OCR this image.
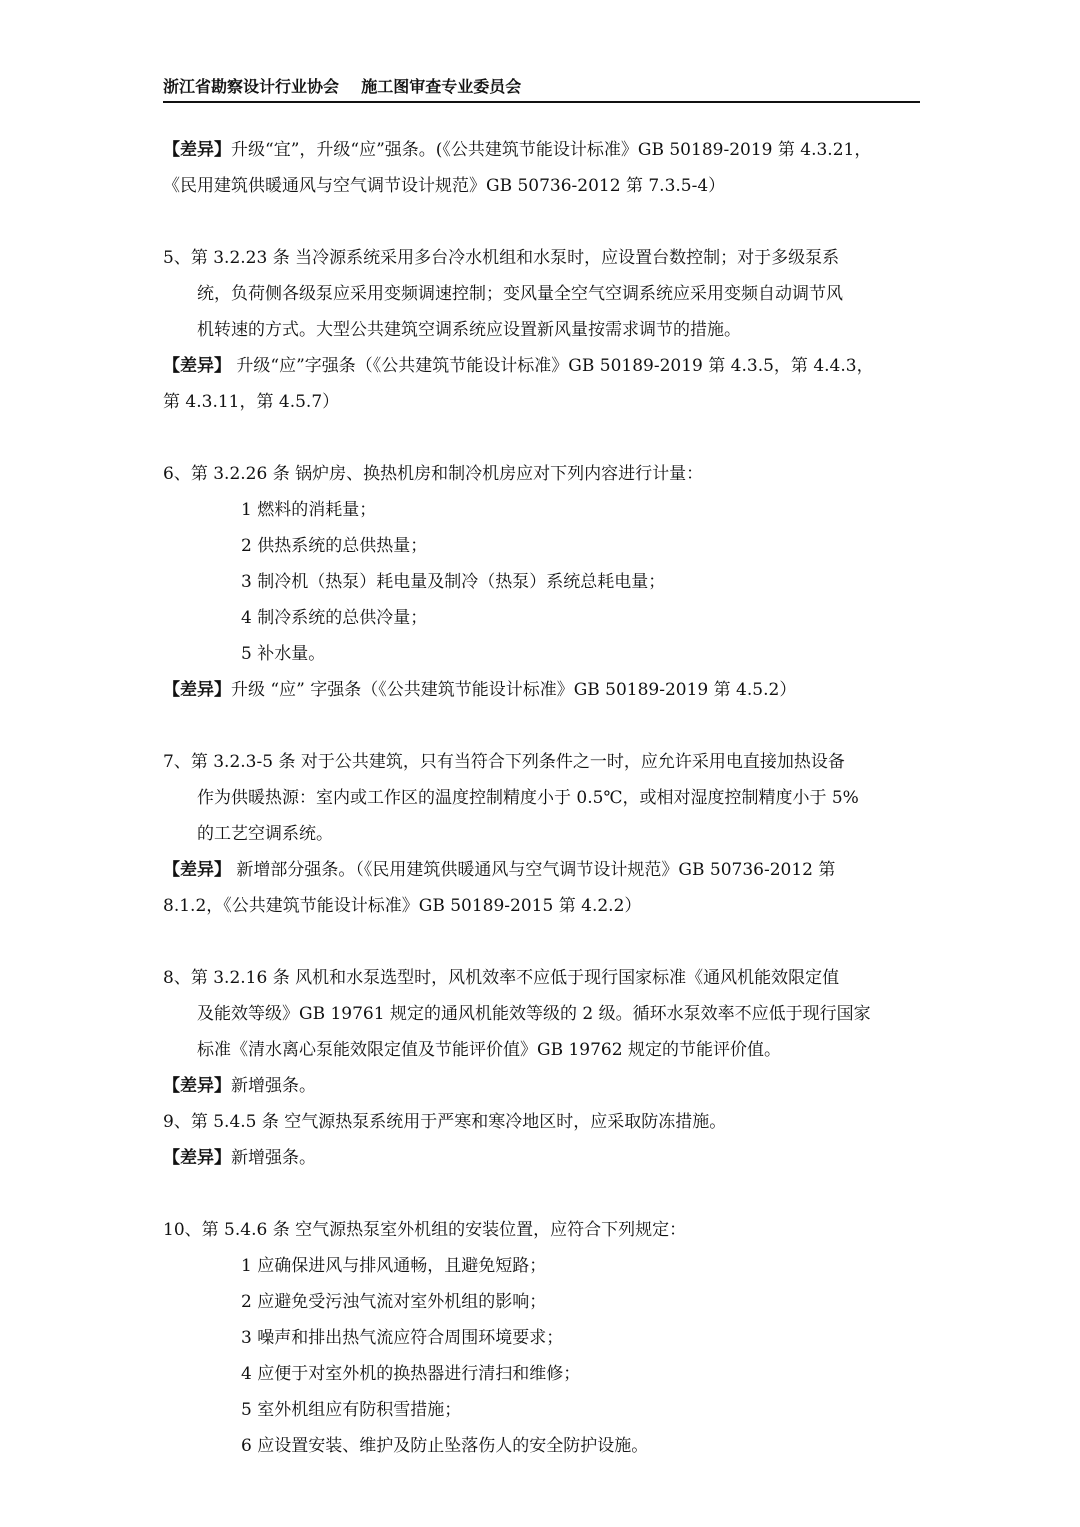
浙江省勘察设计行业协会 施工图审查专业委员会
【差异】升级“宜”，升级“应”强条。(《公共建筑节能设计标准》GB 50189-2019 第 4.3.21，
《民用建筑供暖通风与空气调节设计规范》GB 50736-2012 第 7.3.5-4）
5、第 3.2.23 条 当冷源系统采用多台冷水机组和水泵时，应设置台数控制；对于多级泵系
统，负荷侧各级泵应采用变频调速控制；变风量全空气空调系统应采用变频自动调节风
机转速的方式。大型公共建筑空调系统应设置新风量按需求调节的措施。
【差异】 升级“应”字强条（《公共建筑节能设计标准》GB 50189-2019 第 4.3.5，第 4.4.3，
第 4.3.11，第 4.5.7）
6、第 3.2.26 条 锅炉房、换热机房和制冷机房应对下列内容进行计量：
1 燃料的消耗量；
2 供热系统的总供热量；
3 制冷机（热泵）耗电量及制冷（热泵）系统总耗电量；
4 制冷系统的总供冷量；
5 补水量。
【差异】升级 “应” 字强条（《公共建筑节能设计标准》GB 50189-2019 第 4.5.2）
7、第 3.2.3-5 条 对于公共建筑，只有当符合下列条件之一时，应允许采用电直接加热设备
作为供暖热源：室内或工作区的温度控制精度小于 0.5℃，或相对湿度控制精度小于 5%
的工艺空调系统。
【差异】 新增部分强条。（《民用建筑供暖通风与空气调节设计规范》GB 50736-2012 第
8.1.2，《公共建筑节能设计标准》GB 50189-2015 第 4.2.2）
8、第 3.2.16 条 风机和水泵选型时，风机效率不应低于现行国家标准《通风机能效限定值
及能效等级》GB 19761 规定的通风机能效等级的 2 级。循环水泵效率不应低于现行国家
标准《清水离心泵能效限定值及节能评价值》GB 19762 规定的节能评价值。
【差异】新增强条。
9、第 5.4.5 条 空气源热泵系统用于严寒和寒冷地区时，应采取防冻措施。
【差异】新增强条。
10、第 5.4.6 条 空气源热泵室外机组的安装位置，应符合下列规定：
1 应确保进风与排风通畅，且避免短路；
2 应避免受污浊气流对室外机组的影响；
3 噪声和排出热气流应符合周围环境要求；
4 应便于对室外机的换热器进行清扫和维修；
5 室外机组应有防积雪措施；
6 应设置安装、维护及防止坠落伤人的安全防护设施。
